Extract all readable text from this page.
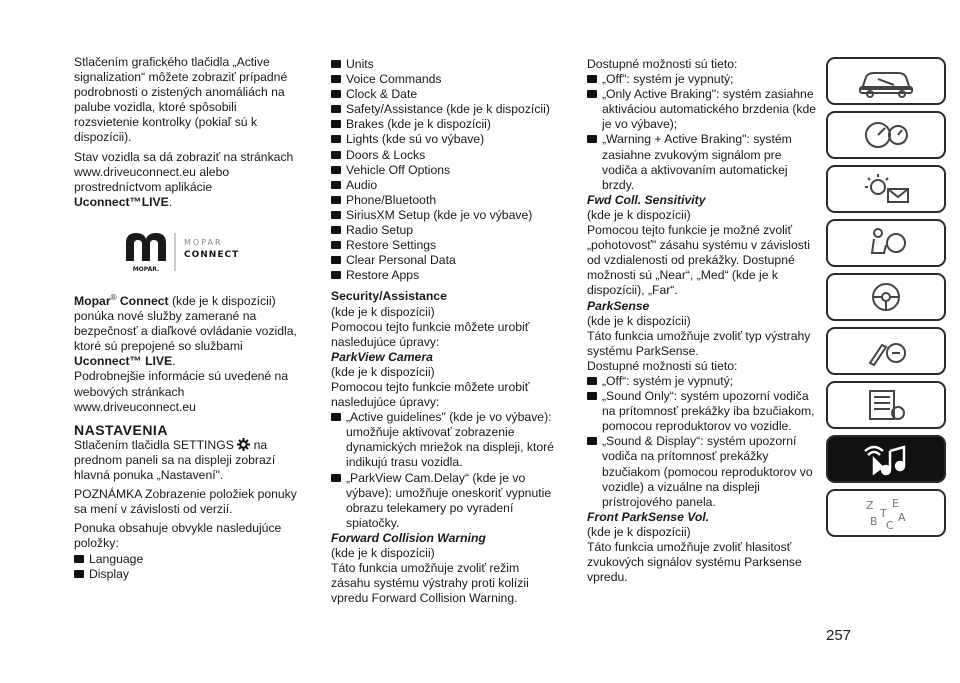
Stlačením grafického tlačidla „Active signalization“ môžete zobraziť prípadné podrobnosti o zistených anomáliách na palube vozidla, ktoré spôsobili rozsvietenie kontrolky (pokiaľ sú k dispozícii).

Stav vozidla sa dá zobraziť na stránkach www.driveuconnect.eu alebo prostredníctvom aplikácie Uconnect™LIVE.

MOPAR.
MOPAR
CONNECT

Mopar® Connect (kde je k dispozícii) ponúka nové služby zamerané na bezpečnosť a diaľkové ovládanie vozidla, ktoré sú prepojené so službami Uconnect™ LIVE.

Podrobnejšie informácie sú uvedené na webových stránkach www.driveuconnect.eu

NASTAVENIA

Stlačením tlačidla SETTINGS  na prednom paneli sa na displeji zobrazí hlavná ponuka „Nastavení".

POZNÁMKA Zobrazenie položiek ponuky sa mení v závislosti od verzií.

Ponuka obsahuje obvykle nasledujúce položky:

Language
Display
Units
Voice Commands
Clock & Date
Safety/Assistance (kde je k dispozícii)
Brakes (kde je k dispozícii)
Lights (kde sú vo výbave)
Doors & Locks
Vehicle Off Options
Audio
Phone/Bluetooth
SiriusXM Setup (kde je vo výbave)
Radio Setup
Restore Settings
Clear Personal Data
Restore Apps

Security/Assistance

(kde je k dispozícii)

Pomocou tejto funkcie môžete urobiť nasledujúce úpravy:

ParkView Camera

(kde je k dispozícii)

Pomocou tejto funkcie môžete urobiť nasledujúce úpravy:

„Active guidelines" (kde je vo výbave): umožňuje aktivovať zobrazenie dynamických mriežok na displeji, ktoré indikujú trasu vozidla.
„ParkView Cam.Delay“ (kde je vo výbave): umožňuje oneskoriť vypnutie obrazu telekamery po vyradení spiatočky.

Forward Collision Warning

(kde je k dispozícii)

Táto funkcia umožňuje zvoliť režim zásahu systému výstrahy proti kolízii vpredu Forward Collision Warning.

Dostupné možnosti sú tieto:

„Off": systém je vypnutý;
„Only Active Braking": systém zasiahne aktiváciou automatického brzdenia (kde je vo výbave);
„Warning + Active Braking": systém zasiahne zvukovým signálom pre vodiča a aktivovaním automatickej brzdy.

Fwd Coll. Sensitivity

(kde je k dispozícii)

Pomocou tejto funkcie je možné zvoliť „pohotovosť" zásahu systému v závislosti od vzdialenosti od prekážky. Dostupné možnosti sú „Near“, „Med“ (kde je k dispozícii), „Far“.

ParkSense

(kde je k dispozícii)

Táto funkcia umožňuje zvoliť typ výstrahy systému ParkSense.

Dostupné možnosti sú tieto:

„Off“: systém je vypnutý;
„Sound Only“: systém upozorní vodiča na prítomnosť prekážky iba bzučiakom, pomocou reproduktorov vo vozidle.
„Sound & Display“: systém upozorní vodiča na prítomnosť prekážky bzučiakom (pomocou reproduktorov vo vozidle) a vizuálne na displeji prístrojového panela.

Front ParkSense Vol.

(kde je k dispozícii)

Táto funkcia umožňuje zvoliť hlasitosť zvukových signálov systému Parksense vpredu.

Z E
B C
A
T
257
